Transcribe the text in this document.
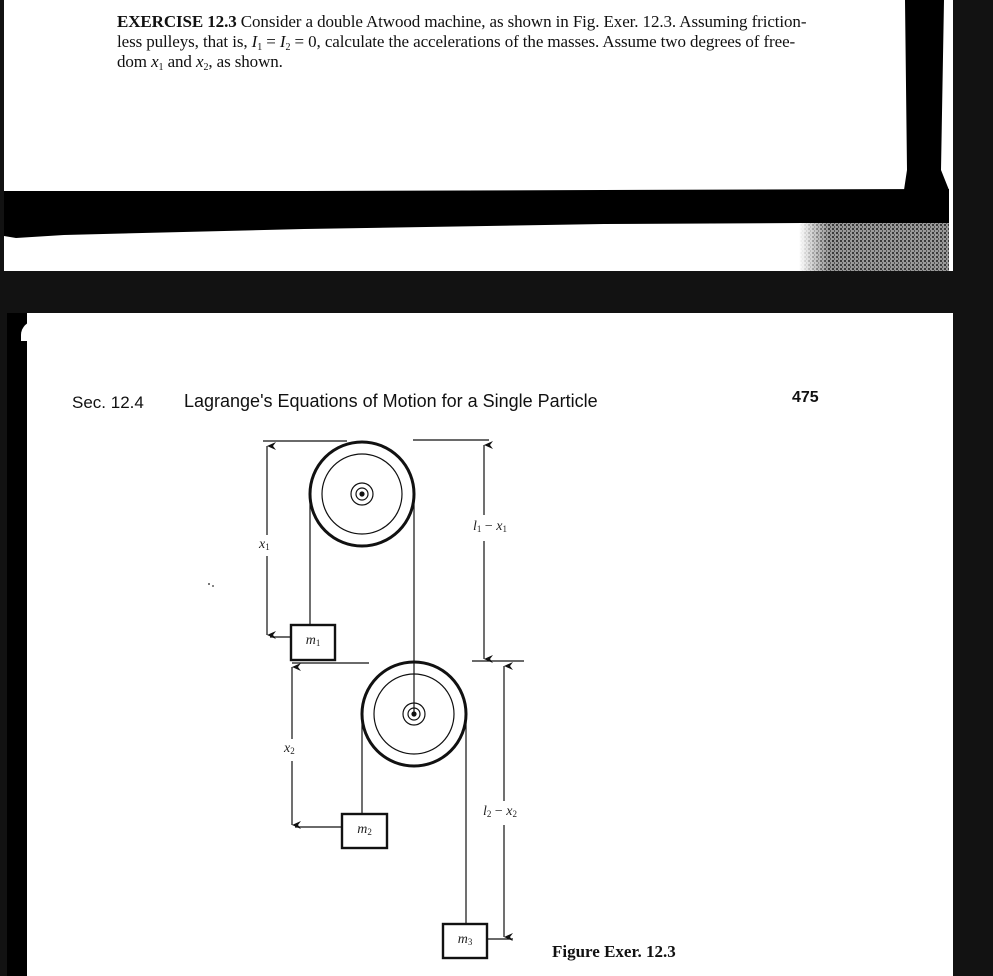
EXERCISE 12.3 Consider a double Atwood machine, as shown in Fig. Exer. 12.3. Assuming friction-
less pulleys, that is, $I_1 = I_2 = 0$, calculate the accelerations of the masses. Assume two degrees of free-
dom $x_1$ and $x_2$, as shown.
Sec. 12.4 Lagrange's Equations of Motion for a Single Particle	475
$x_1$
$l_1 - x_1$
$x_2$
$l_2 - x_2$
$m_1$
$m_2$
$m_3$	Figure Exer. 12.3
